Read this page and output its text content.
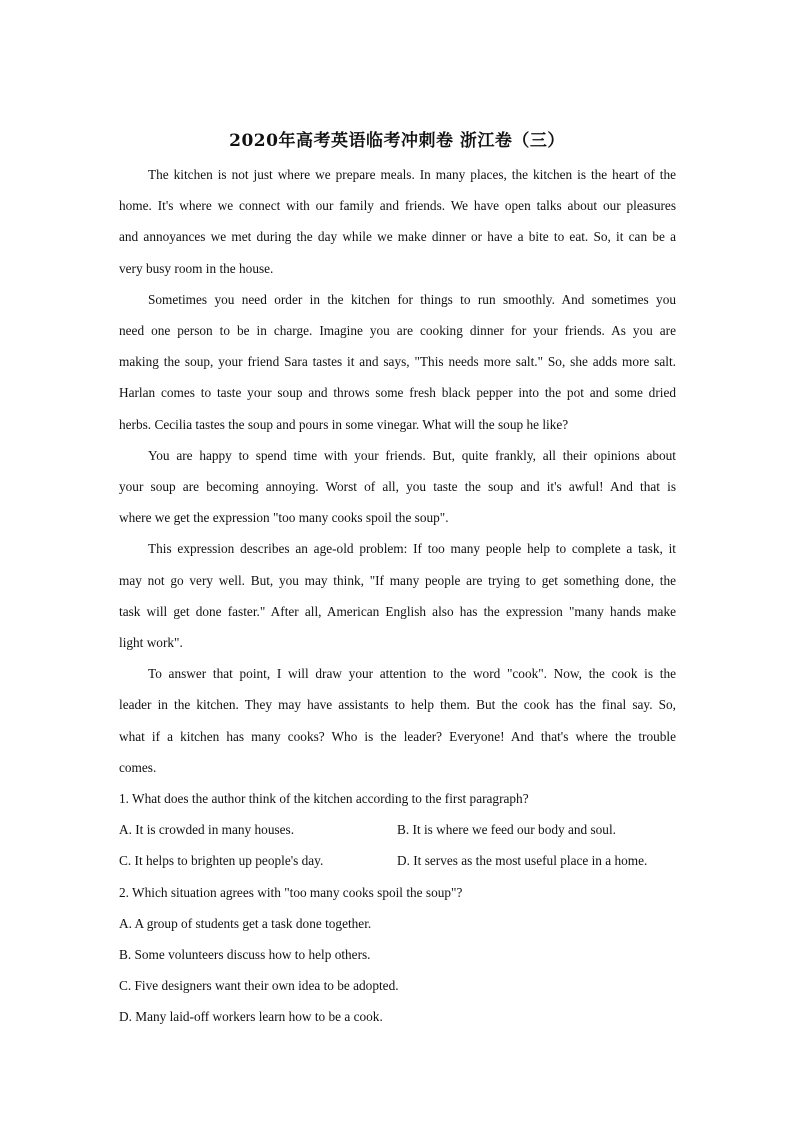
2020年高考英语临考冲刺卷 浙江卷（三）
The kitchen is not just where we prepare meals. In many places, the kitchen is the heart of the
home. It's where we connect with our family and friends. We have open talks about our pleasures
and annoyances we met during the day while we make dinner or have a bite to eat. So, it can be a
very busy room in the house.
Sometimes you need order in the kitchen for things to run smoothly. And sometimes you
need one person to be in charge. Imagine you are cooking dinner for your friends. As you are
making the soup, your friend Sara tastes it and says, "This needs more salt." So, she adds more salt.
Harlan comes to taste your soup and throws some fresh black pepper into the pot and some dried
herbs. Cecilia tastes the soup and pours in some vinegar. What will the soup he like?
You are happy to spend time with your friends. But, quite frankly, all their opinions about
your soup are becoming annoying. Worst of all, you taste the soup and it's awful! And that is
where we get the expression "too many cooks spoil the soup".
This expression describes an age-old problem: If too many people help to complete a task, it
may not go very well. But, you may think, "If many people are trying to get something done, the
task will get done faster." After all, American English also has the expression "many hands make
light work".
To answer that point, I will draw your attention to the word "cook". Now, the cook is the
leader in the kitchen. They may have assistants to help them. But the cook has the final say. So,
what if a kitchen has many cooks? Who is the leader? Everyone! And that's where the trouble
comes.
1. What does the author think of the kitchen according to the first paragraph?
A. It is crowded in many houses.	B. It is where we feed our body and soul.
C. It helps to brighten up people's day.	D. It serves as the most useful place in a home.
2. Which situation agrees with "too many cooks spoil the soup"?
A. A group of students get a task done together.
B. Some volunteers discuss how to help others.
C. Five designers want their own idea to be adopted.
D. Many laid-off workers learn how to be a cook.
